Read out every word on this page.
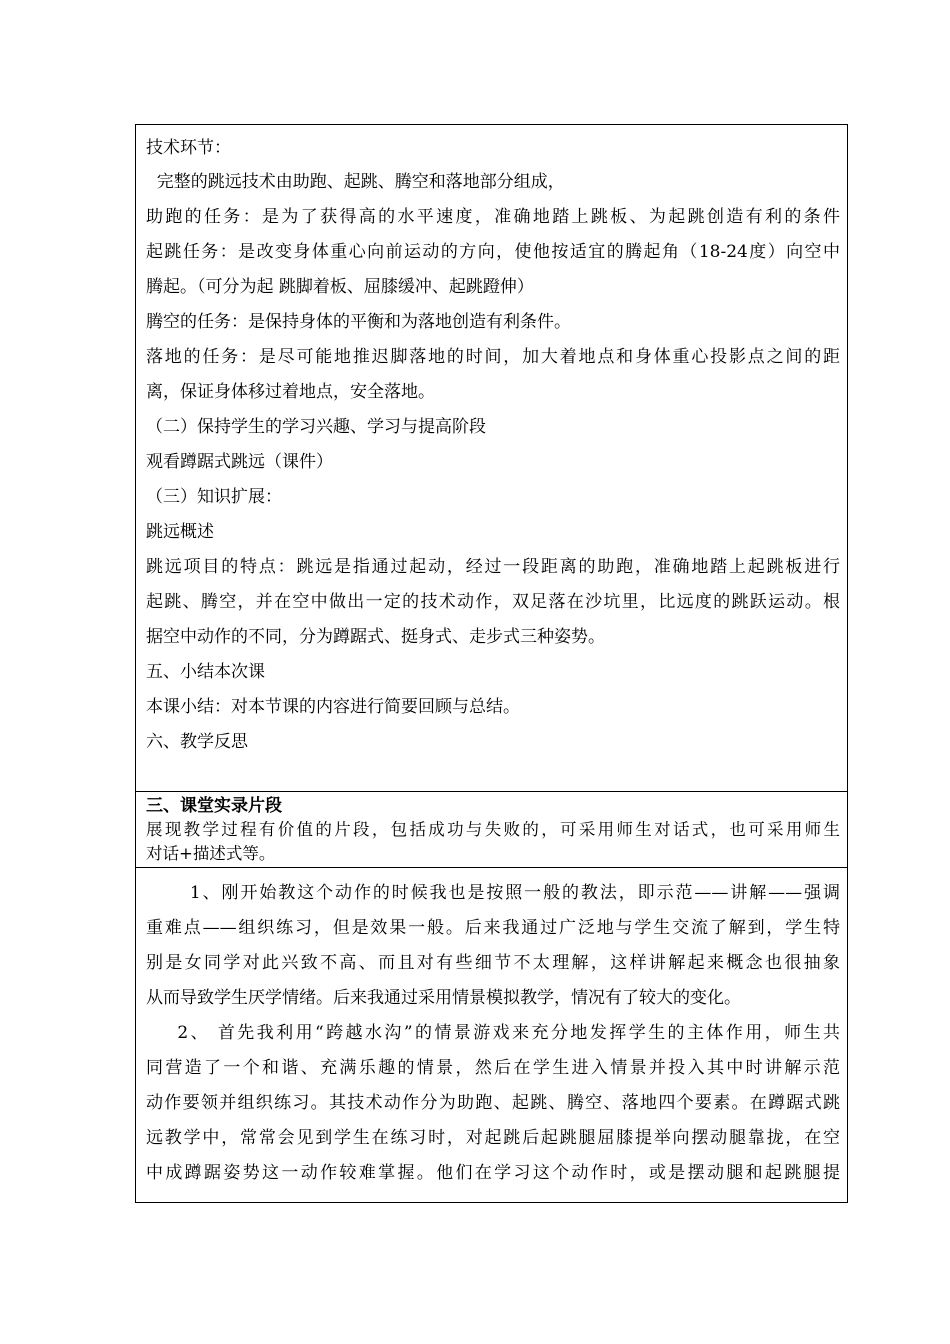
技术环节：
完整的跳远技术由助跑、起跳、腾空和落地部分组成，
助跑的任务：是为了获得高的水平速度，准确地踏上跳板、为起跳创造有利的条件
起跳任务：是改变身体重心向前运动的方向，使他按适宜的腾起角（18-24度）向空中
腾起。（可分为起 跳脚着板、屈膝缓冲、起跳蹬伸）
腾空的任务：是保持身体的平衡和为落地创造有利条件。
落地的任务：是尽可能地推迟脚落地的时间，加大着地点和身体重心投影点之间的距
离，保证身体移过着地点，安全落地。
（二）保持学生的学习兴趣、学习与提高阶段
观看蹲踞式跳远（课件）
（三）知识扩展：
跳远概述
跳远项目的特点：跳远是指通过起动，经过一段距离的助跑，准确地踏上起跳板进行
起跳、腾空，并在空中做出一定的技术动作，双足落在沙坑里，比远度的跳跃运动。根
据空中动作的不同，分为蹲踞式、挺身式、走步式三种姿势。
五、小结本次课
本课小结：对本节课的内容进行简要回顾与总结。
六、教学反思
三、课堂实录片段
展现教学过程有价值的片段，包括成功与失败的，可采用师生对话式，也可采用师生
对话+描述式等。
1、刚开始教这个动作的时候我也是按照一般的教法，即示范——讲解——强调
重难点——组织练习，但是效果一般。后来我通过广泛地与学生交流了解到，学生特
别是女同学对此兴致不高、而且对有些细节不太理解，这样讲解起来概念也很抽象
从而导致学生厌学情绪。后来我通过采用情景模拟教学，情况有了较大的变化。
2、 首先我利用“跨越水沟”的情景游戏来充分地发挥学生的主体作用，师生共
同营造了一个和谐、充满乐趣的情景，然后在学生进入情景并投入其中时讲解示范
动作要领并组织练习。其技术动作分为助跑、起跳、腾空、落地四个要素。在蹲踞式跳
远教学中，常常会见到学生在练习时，对起跳后起跳腿屈膝提举向摆动腿靠拢，在空
中成蹲踞姿势这一动作较难掌握。他们在学习这个动作时，或是摆动腿和起跳腿提
